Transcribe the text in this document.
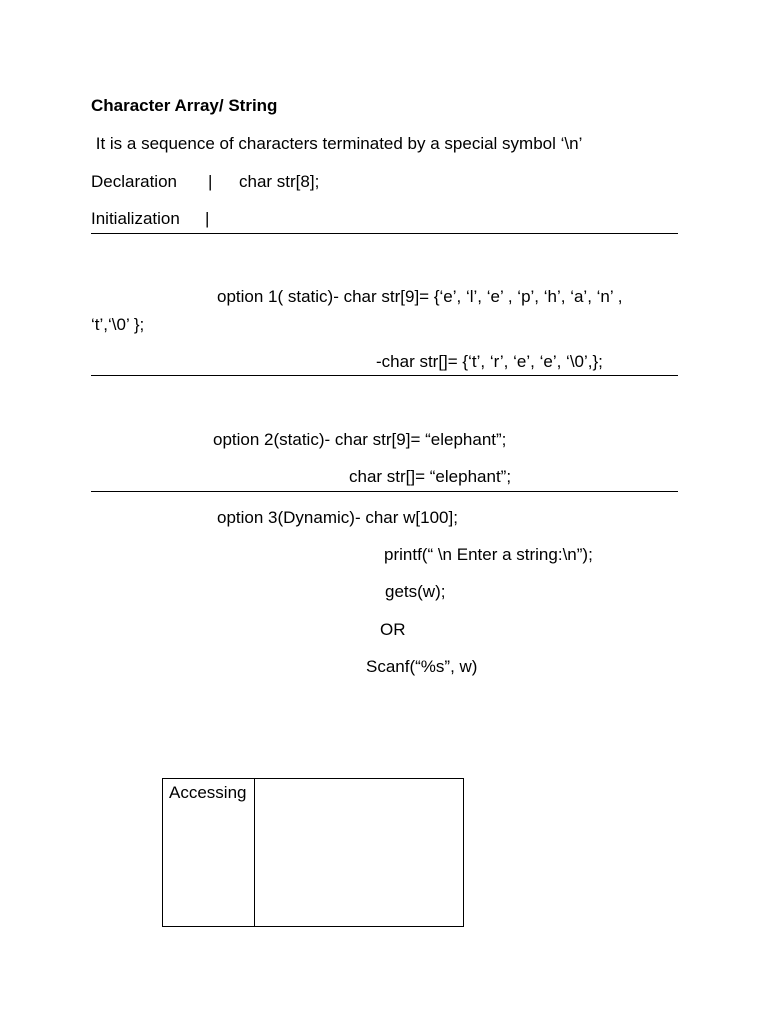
Character Array/ String
It is a sequence of characters terminated by a special symbol ‘\n’
Declaration | char str[8];
Initialization |
option 1( static)- char str[9]= {‘e’, ‘l’, ‘e’ , ‘p’, ‘h’, ‘a’, ‘n’ ,
‘t’,‘\0’ };
-char str[]= {‘t’, ‘r’, ‘e’, ‘e’, ‘\0’,};
option 2(static)- char str[9]= “elephant”;
char str[]= “elephant”;
option 3(Dynamic)- char w[100];
printf(“ \n Enter a string:\n”);
gets(w);
OR
Scanf(“%s”, w)
Accessing
